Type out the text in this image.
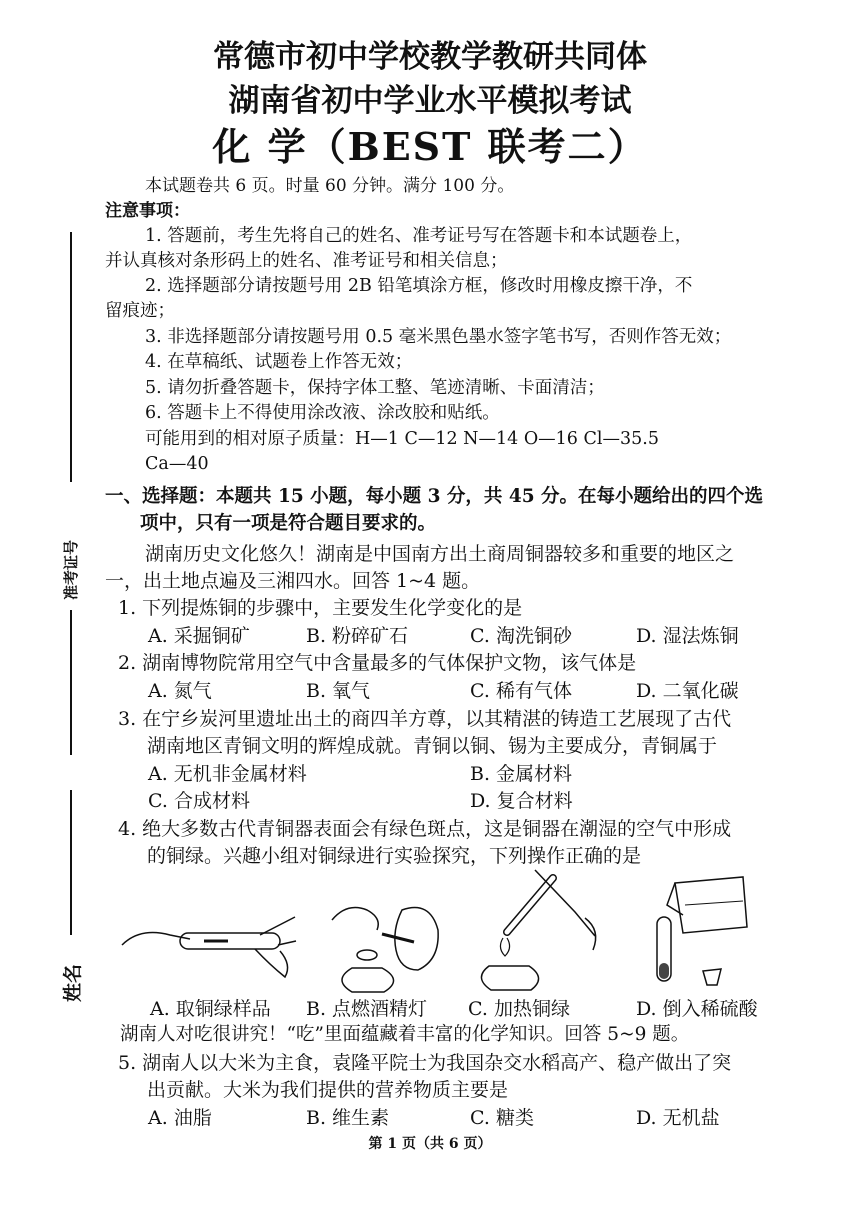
常德市初中学校教学教研共同体
湖南省初中学业水平模拟考试
化 学（BEST 联考二）
本试题卷共 6 页。时量 60 分钟。满分 100 分。
注意事项：
1. 答题前，考生先将自己的姓名、准考证号写在答题卡和本试题卷上，
并认真核对条形码上的姓名、准考证号和相关信息；
2. 选择题部分请按题号用 2B 铅笔填涂方框，修改时用橡皮擦干净，不
留痕迹；
3. 非选择题部分请按题号用 0.5 毫米黑色墨水签字笔书写，否则作答无效；
4. 在草稿纸、试题卷上作答无效；
5. 请勿折叠答题卡，保持字体工整、笔迹清晰、卡面清洁；
6. 答题卡上不得使用涂改液、涂改胶和贴纸。
可能用到的相对原子质量：H—1 C—12 N—14 O—16 Cl—35.5
Ca—40
准考证号
姓名
一、选择题：本题共 15 小题，每小题 3 分，共 45 分。在每小题给出的四个选
项中，只有一项是符合题目要求的。
湖南历史文化悠久！湖南是中国南方出土商周铜器较多和重要的地区之
一，出土地点遍及三湘四水。回答 1~4 题。
1. 下列提炼铜的步骤中，主要发生化学变化的是
A. 采掘铜矿	B. 粉碎矿石	C. 淘洗铜砂	D. 湿法炼铜
2. 湖南博物院常用空气中含量最多的气体保护文物，该气体是
A. 氮气	B. 氧气	C. 稀有气体	D. 二氧化碳
3. 在宁乡炭河里遗址出土的商四羊方尊，以其精湛的铸造工艺展现了古代
湖南地区青铜文明的辉煌成就。青铜以铜、锡为主要成分，青铜属于
A. 无机非金属材料	B. 金属材料
C. 合成材料	D. 复合材料
4. 绝大多数古代青铜器表面会有绿色斑点，这是铜器在潮湿的空气中形成
的铜绿。兴趣小组对铜绿进行实验探究，下列操作正确的是
A. 取铜绿样品 B. 点燃酒精灯 C. 加热铜绿	D. 倒入稀硫酸
湖南人对吃很讲究！“吃”里面蕴藏着丰富的化学知识。回答 5~9 题。
5. 湖南人以大米为主食，袁隆平院士为我国杂交水稻高产、稳产做出了突
出贡献。大米为我们提供的营养物质主要是
A. 油脂	B. 维生素	C. 糖类	D. 无机盐
第 1 页（共 6 页）
